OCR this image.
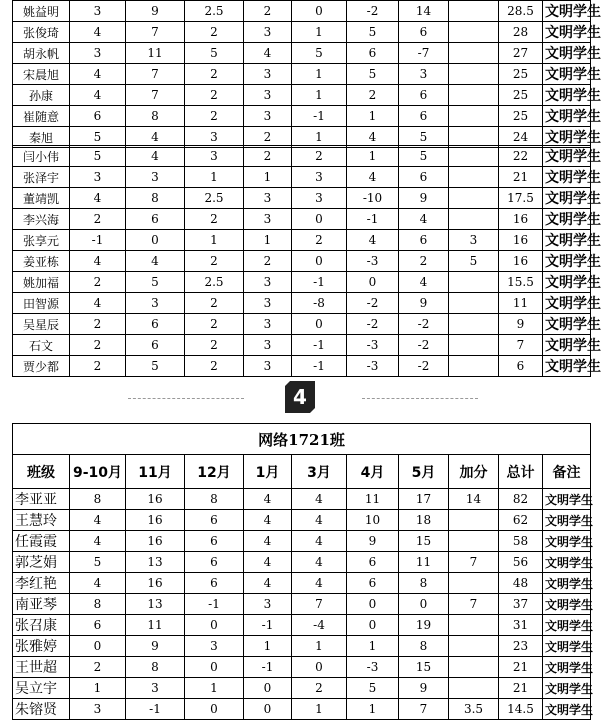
姚益明	3	9	2.5	2	0	-2	14		28.5	文明学生
张俊琦	4	7	2	3	1	5	6		28	文明学生
胡永帆	3	11	5	4	5	6	-7		27	文明学生
宋晨旭	4	7	2	3	1	5	3		25	文明学生
孙康	4	7	2	3	1	2	6		25	文明学生
崔随意	6	8	2	3	-1	1	6		25	文明学生
秦旭	5	4	3	2	1	4	5		24	文明学生
闫小伟	5	4	3	2	2	1	5		22	文明学生
张泽宇	3	3	1	1	3	4	6		21	文明学生
董靖凯	4	8	2.5	3	3	-10	9		17.5	文明学生
李兴海	2	6	2	3	0	-1	4		16	文明学生
张享元	-1	0	1	1	2	4	6	3	16	文明学生
姜亚栋	4	4	2	2	0	-3	2	5	16	文明学生
姚加福	2	5	2.5	3	-1	0	4		15.5	文明学生
田智源	4	3	2	3	-8	-2	9		11	文明学生
吴星辰	2	6	2	3	0	-2	-2		9	文明学生
石文	2	6	2	3	-1	-3	-2		7	文明学生
贾少都	2	5	2	3	-1	-3	-2		6	文明学生
4
网络1721班										
班级	9-10月	11月	12月	1月	3月	4月	5月	加分	总计	备注
李亚亚	8	16	8	4	4	11	17	14	82	文明学生
王慧玲	4	16	6	4	4	10	18		62	文明学生
任霞霞	4	16	6	4	4	9	15		58	文明学生
郭芝娟	5	13	6	4	4	6	11	7	56	文明学生
李红艳	4	16	6	4	4	6	8		48	文明学生
南亚琴	8	13	-1	3	7	0	0	7	37	文明学生
张召康	6	11	0	-1	-4	0	19		31	文明学生
张雅婷	0	9	3	1	1	1	8		23	文明学生
王世超	2	8	0	-1	0	-3	15		21	文明学生
吴立宇	1	3	1	0	2	5	9		21	文明学生
朱镕贤	3	-1	0	0	1	1	7	3.5	14.5	文明学生
